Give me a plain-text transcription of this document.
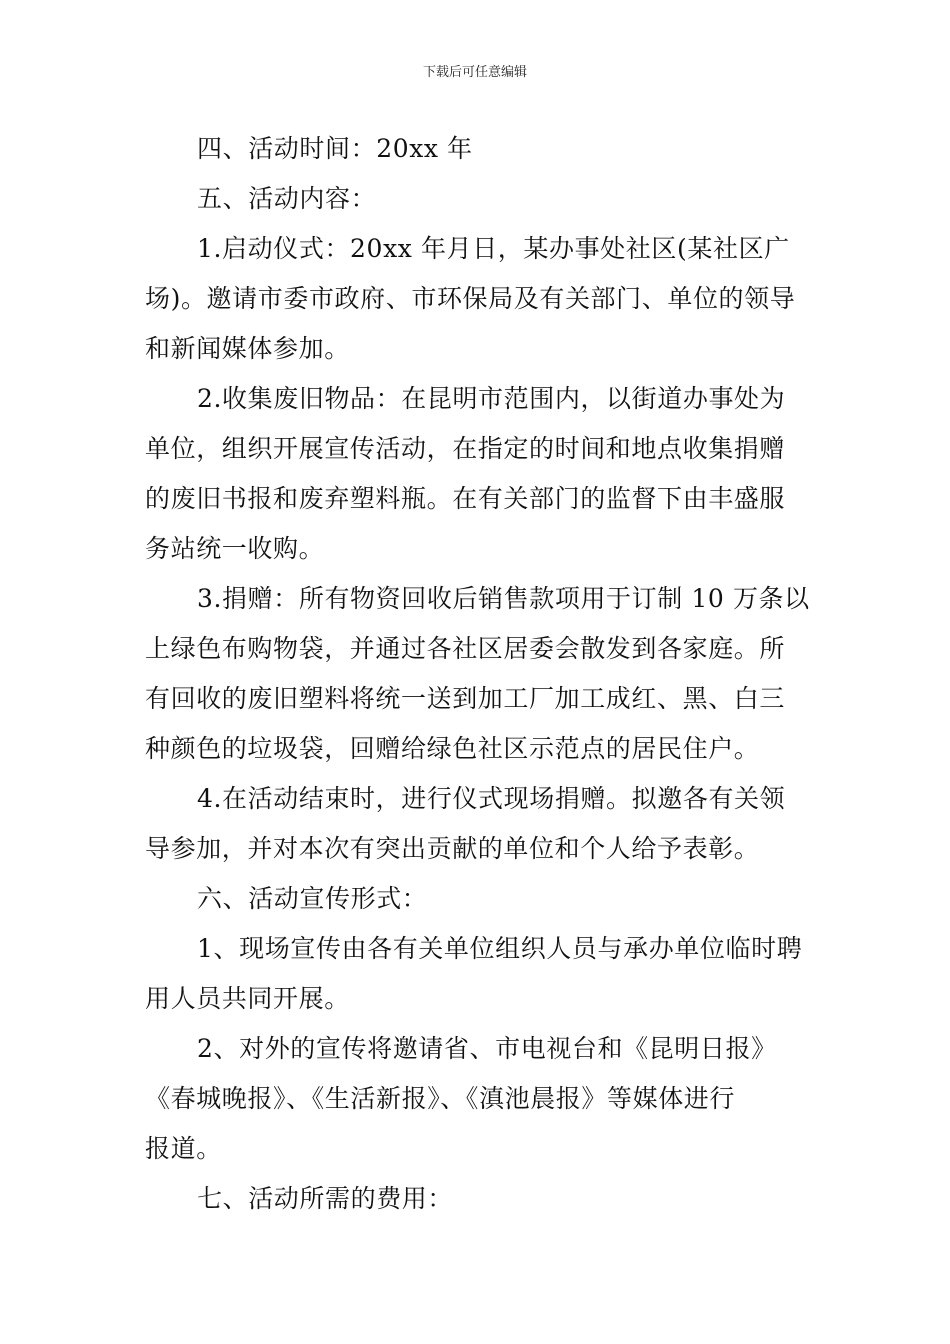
下载后可任意编辑
四、活动时间：20xx 年
五、活动内容：
1.启动仪式：20xx 年月日，某办事处社区(某社区广
场)。邀请市委市政府、市环保局及有关部门、单位的领导
和新闻媒体参加。
2.收集废旧物品：在昆明市范围内，以街道办事处为
单位，组织开展宣传活动，在指定的时间和地点收集捐赠
的废旧书报和废弃塑料瓶。在有关部门的监督下由丰盛服
务站统一收购。
3.捐赠：所有物资回收后销售款项用于订制 10 万条以
上绿色布购物袋，并通过各社区居委会散发到各家庭。所
有回收的废旧塑料将统一送到加工厂加工成红、黑、白三
种颜色的垃圾袋，回赠给绿色社区示范点的居民住户。
4.在活动结束时，进行仪式现场捐赠。拟邀各有关领
导参加，并对本次有突出贡献的单位和个人给予表彰。
六、活动宣传形式：
1、现场宣传由各有关单位组织人员与承办单位临时聘
用人员共同开展。
2、对外的宣传将邀请省、市电视台和《昆明日报》
《春城晚报》、《生活新报》、《滇池晨报》等媒体进行
报道。
七、活动所需的费用：
